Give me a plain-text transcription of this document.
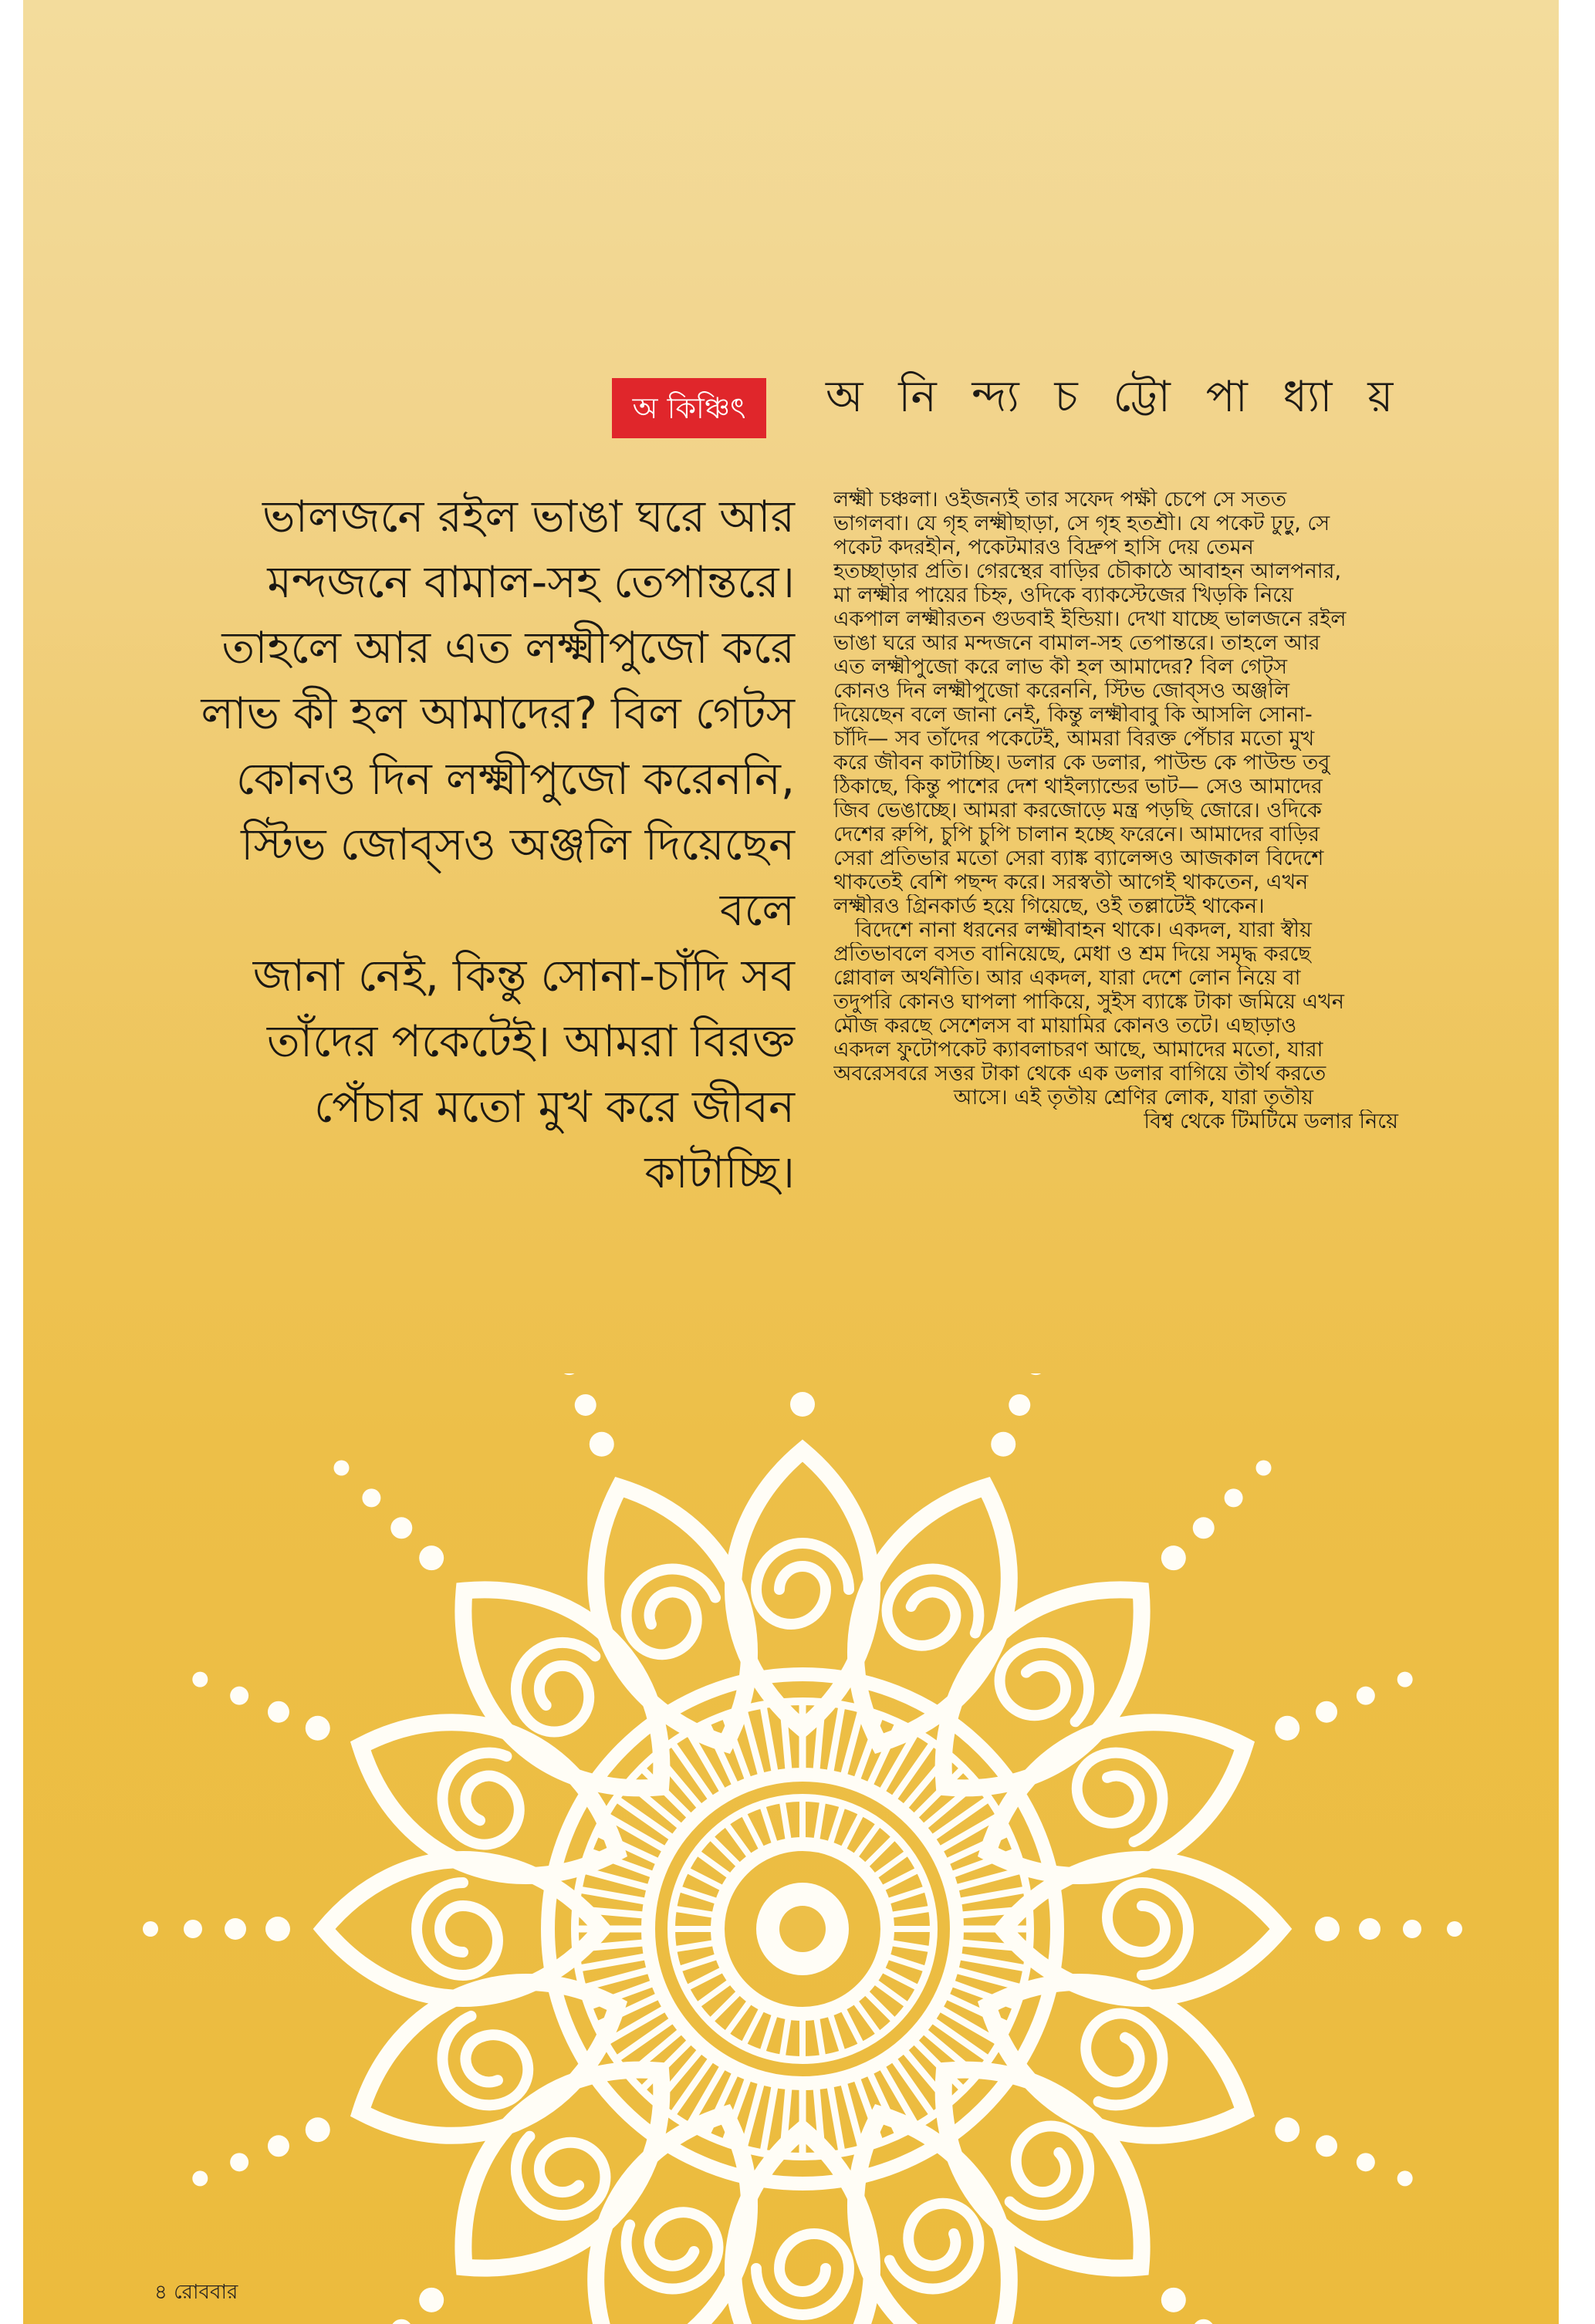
অ কিঞ্চিৎ	অ নি ন্দ্য চ ট্টো পা ধ্যা য়

ভালজনে রইল ভাঙা ঘরে আর

মন্দজনে বামাল-সহ তেপান্তরে।

তাহলে আর এত লক্ষ্মীপুজো করে

লাভ কী হল আমাদের? বিল গেটস

কোনও দিন লক্ষ্মীপুজো করেননি,

স্টিভ জোব্‌সও অঞ্জলি দিয়েছেন বলে

জানা নেই, কিন্তু সোনা-চাঁদি সব

তাঁদের পকেটেই। আমরা বিরক্ত

পেঁচার মতো মুখ করে জীবন

কাটাচ্ছি।

লক্ষ্মী চঞ্চলা। ওইজন্যই তার সফেদ পক্ষী চেপে সে সতত
ভাগলবা। যে গৃহ লক্ষ্মীছাড়া, সে গৃহ হতশ্রী। যে পকেট ঢুঢ়ু, সে
পকেট কদরহীন, পকেটমারও বিদ্রুপ হাসি দেয় তেমন
হতচ্ছাড়ার প্রতি। গেরস্থের বাড়ির চৌকাঠে আবাহন আলপনার,
মা লক্ষ্মীর পায়ের চিহ্ন, ওদিকে ব্যাকস্টেজের খিড়কি নিয়ে
একপাল লক্ষ্মীরতন গুডবাই ইন্ডিয়া। দেখা যাচ্ছে ভালজনে রইল
ভাঙা ঘরে আর মন্দজনে বামাল-সহ তেপান্তরে। তাহলে আর
এত লক্ষ্মীপুজো করে লাভ কী হল আমাদের? বিল গেট্‌স
কোনও দিন লক্ষ্মীপুজো করেননি, স্টিভ জোব্‌সও অঞ্জলি
দিয়েছেন বলে জানা নেই, কিন্তু লক্ষ্মীবাবু কি আসলি সোনা-
চাঁদি— সব তাঁদের পকেটেই, আমরা বিরক্ত পেঁচার মতো মুখ
করে জীবন কাটাচ্ছি। ডলার কে ডলার, পাউন্ড কে পাউন্ড তবু
ঠিকাছে, কিন্তু পাশের দেশ থাইল্যান্ডের ভাট— সেও আমাদের
জিব ভেঙাচ্ছে। আমরা করজোড়ে মন্ত্র পড়ছি জোরে। ওদিকে
দেশের রুপি, চুপি চুপি চালান হচ্ছে ফরেনে। আমাদের বাড়ির
সেরা প্রতিভার মতো সেরা ব্যাঙ্ক ব্যালেন্সও আজকাল বিদেশে
থাকতেই বেশি পছন্দ করে। সরস্বতী আগেই থাকতেন, এখন
লক্ষ্মীরও গ্রিনকার্ড হয়ে গিয়েছে, ওই তল্লাটেই থাকেন।
বিদেশে নানা ধরনের লক্ষ্মীবাহন থাকে। একদল, যারা স্বীয়
প্রতিভাবলে বসত বানিয়েছে, মেধা ও শ্রম দিয়ে সমৃদ্ধ করছে
গ্লোবাল অর্থনীতি। আর একদল, যারা দেশে লোন নিয়ে বা
তদুপরি কোনও ঘাপলা পাকিয়ে, সুইস ব্যাঙ্কে টাকা জমিয়ে এখন
মৌজ করছে সেশেলস বা মায়ামির কোনও তটে। এছাড়াও
একদল ফুটোপকেট ক্যাবলাচরণ আছে, আমাদের মতো, যারা
অবরেসবরে সত্তর টাকা থেকে এক ডলার বাগিয়ে তীর্থ করতে
আসে। এই তৃতীয় শ্রেণির লোক, যারা তৃতীয়
বিশ্ব থেকে টিমটিমে ডলার নিয়ে
৪ রোববার
